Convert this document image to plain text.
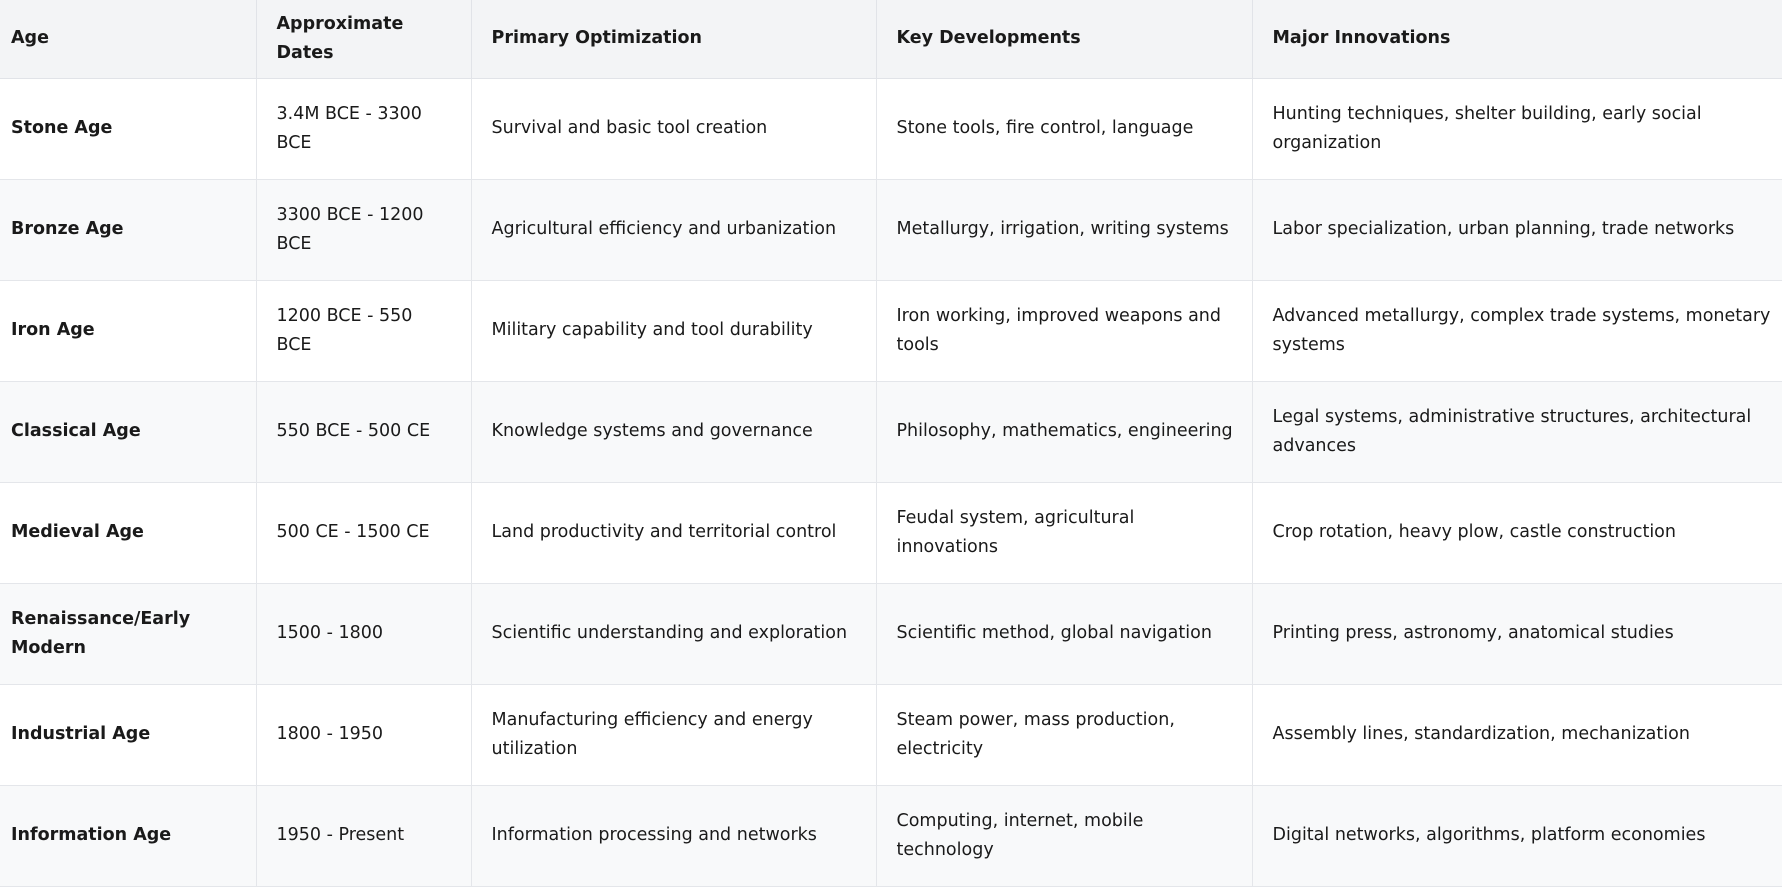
Age	Approximate Dates	Primary Optimization	Key Developments	Major Innovations
Stone Age	3.4M BCE - 3300 BCE	Survival and basic tool creation	Stone tools, fire control, language	Hunting techniques, shelter building, early social organization
Bronze Age	3300 BCE - 1200 BCE	Agricultural efficiency and urbanization	Metallurgy, irrigation, writing systems	Labor specialization, urban planning, trade networks
Iron Age	1200 BCE - 550 BCE	Military capability and tool durability	Iron working, improved weapons and tools	Advanced metallurgy, complex trade systems, monetary systems
Classical Age	550 BCE - 500 CE	Knowledge systems and governance	Philosophy, mathematics, engineering	Legal systems, administrative structures, architectural advances
Medieval Age	500 CE - 1500 CE	Land productivity and territorial control	Feudal system, agricultural innovations	Crop rotation, heavy plow, castle construction
Renaissance/Early Modern	1500 - 1800	Scientific understanding and exploration	Scientific method, global navigation	Printing press, astronomy, anatomical studies
Industrial Age	1800 - 1950	Manufacturing efficiency and energy utilization	Steam power, mass production, electricity	Assembly lines, standardization, mechanization
Information Age	1950 - Present	Information processing and networks	Computing, internet, mobile technology	Digital networks, algorithms, platform economies
